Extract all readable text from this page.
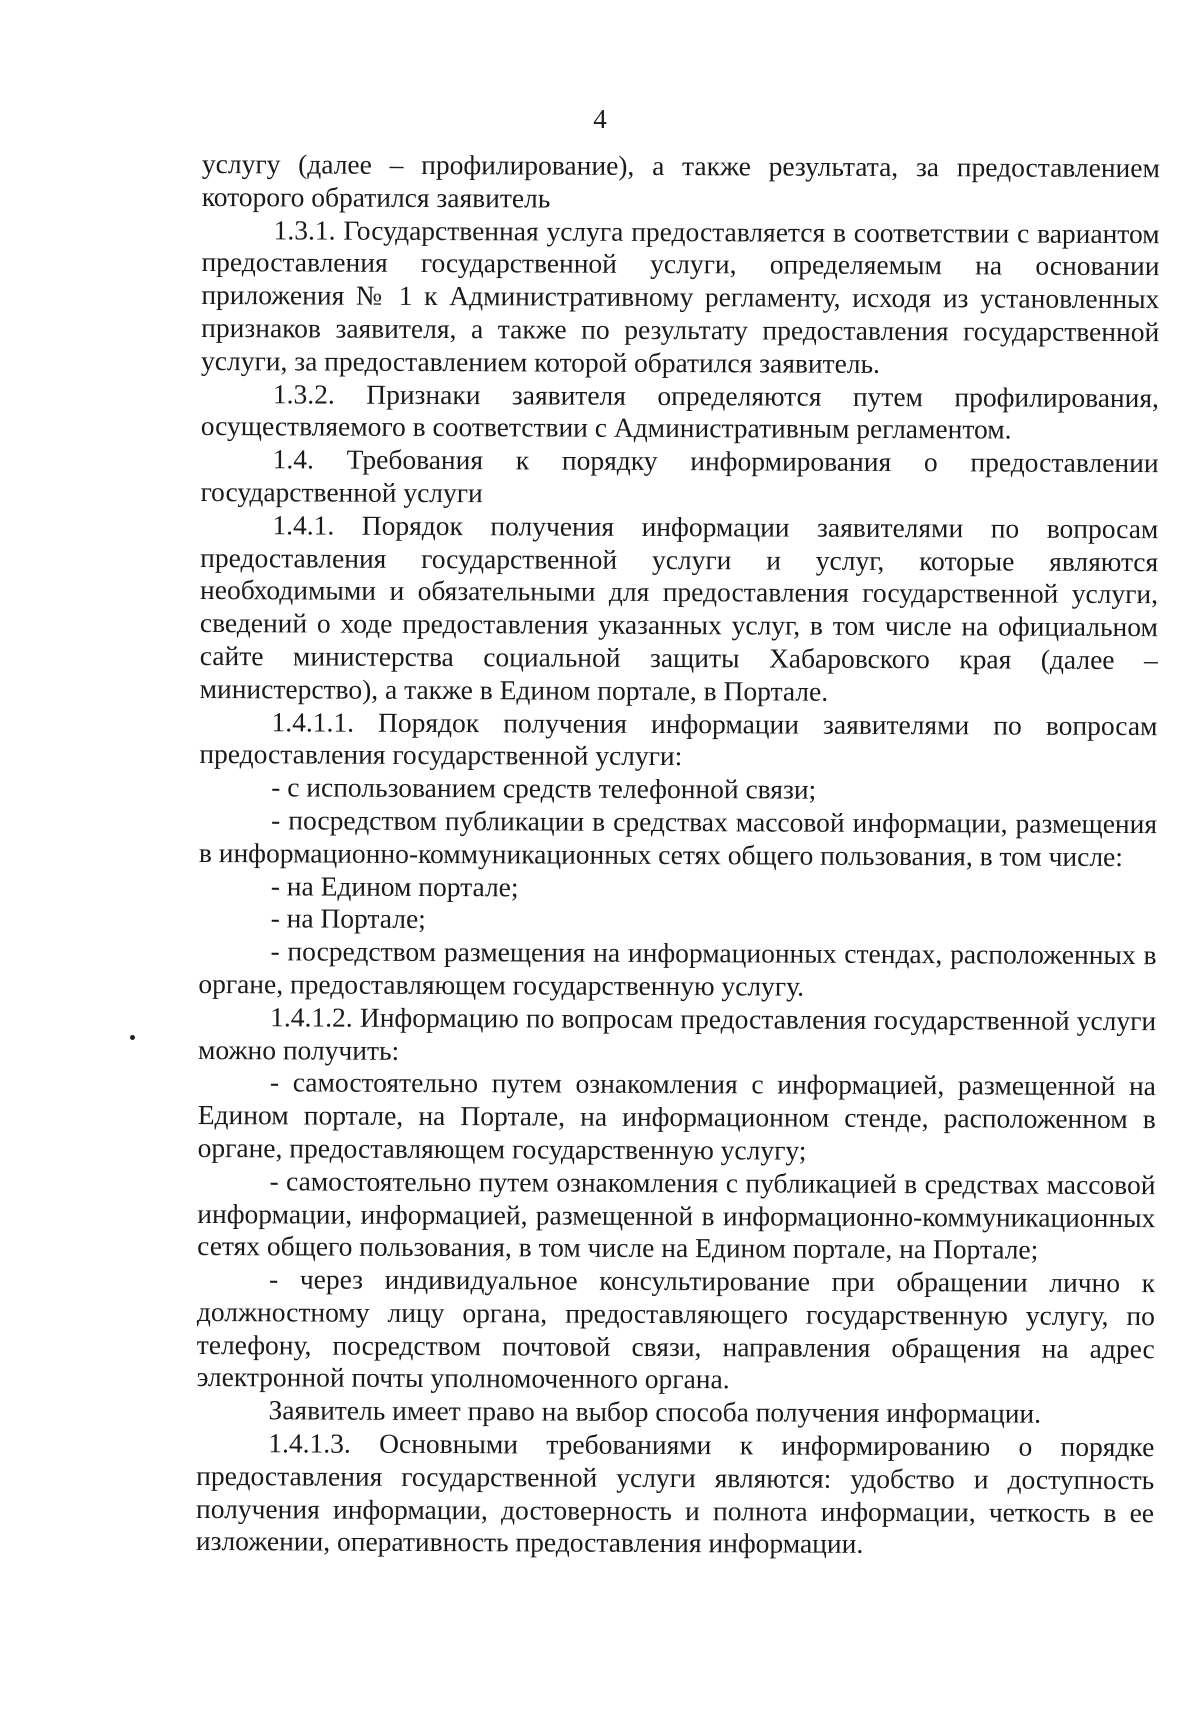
4

услугу (далее – профилирование), а также результата, за предоставлением которого обратился заявитель

1.3.1. Государственная услуга предоставляется в соответствии с вариантом предоставления государственной услуги, определяемым на основании приложения № 1 к Административному регламенту, исходя из установленных признаков заявителя, а также по результату предоставления государственной услуги, за предоставлением которой обратился заявитель.

1.3.2. Признаки заявителя определяются путем профилирования, осуществляемого в соответствии с Административным регламентом.

1.4. Требования к порядку информирования о предоставлении государственной услуги

1.4.1. Порядок получения информации заявителями по вопросам предоставления государственной услуги и услуг, которые являются необходимыми и обязательными для предоставления государственной услуги, сведений о ходе предоставления указанных услуг, в том числе на официальном сайте министерства социальной защиты Хабаровского края (далее – министерство), а также в Едином портале, в Портале.

1.4.1.1. Порядок получения информации заявителями по вопросам предоставления государственной услуги:

- с использованием средств телефонной связи;

- посредством публикации в средствах массовой информации, размещения в информационно-коммуникационных сетях общего пользования, в том числе:

- на Едином портале;

- на Портале;

- посредством размещения на информационных стендах, расположенных в органе, предоставляющем государственную услугу.

1.4.1.2. Информацию по вопросам предоставления государственной услуги можно получить:

- самостоятельно путем ознакомления с информацией, размещенной на Едином портале, на Портале, на информационном стенде, расположенном в органе, предоставляющем государственную услугу;

- самостоятельно путем ознакомления с публикацией в средствах массовой информации, информацией, размещенной в информационно-коммуникационных сетях общего пользования, в том числе на Едином портале, на Портале;

- через индивидуальное консультирование при обращении лично к должностному лицу органа, предоставляющего государственную услугу, по телефону, посредством почтовой связи, направления обращения на адрес электронной почты уполномоченного органа.

Заявитель имеет право на выбор способа получения информации.

1.4.1.3. Основными требованиями к информированию о порядке предоставления государственной услуги являются: удобство и доступность получения информации, достоверность и полнота информации, четкость в ее изложении, оперативность предоставления информации.
